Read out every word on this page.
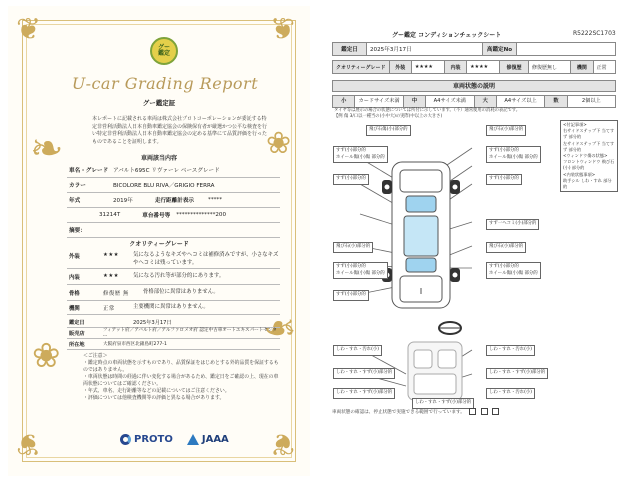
❦	❦
❦	❦
❧
❧
❀
❀
グー
鑑定
U-car Grading Report
グー鑑定証
本レポートに記載される車両は株式会社プロトコーポレーションが委託する特定非営利活動法人日本自動車鑑定協会の保険保有者が厳選かつ公平な検査を行い特定非営利活動法人日本自動車鑑定協会の定める基準にて品質評価を行ったものであることを証明します。
車両該当内容
車名・グレード アバルト695C リヴァーレ ベースグレード
カラー	BICOLORE BLU RIVA／GRIGIO FERRA
年式	2019年	走行距離計表示	*****
31214T	車台番号等 **************200
摘要：
クオリティーグレード
外装	★★★	気になるようなキズやヘコミは補修済みですが、小さなキズやヘコミは残っています。
内装	★★★	気になる汚れ等が部分的にあります。
骨格	修復歴 無	骨格部位に異常はありません。
機関	正常	主要機関に異常はありません。
鑑定日	2025年3月17日
販売店	フィアット府／アバルト府／アルファロメオ府 認定中古車オートエキスパートセンター
所在地	大阪府泉市西区北錦島町277-1
＜ご注意＞
・鑑定時点の車両状態を示すものであり、品質保証をはじめとする外的品質を保証するものではありません。
・車両状態は時間の経過に伴い変化する場合があるため、鑑定日をご確認の上、現在の車両状態についてはご確認ください。
・年式、車名、走行距離等などの記載についてはご注意ください。
・評価については他検査機関等の評価と異なる場合があります。
PROTO	JAAA
グー鑑定 コンディションチェックシート	R5222SC1703
鑑定日	2025年3月17日	高鑑定No	
クオリティーグレード	外装	★★★★	内装	★★★★	修復歴	修復歴無し	機関	正常
車両状態の説明
小	カードサイズ未満	中	A4サイズ未満	大	A4サイズ以上	数	2個以上
タイヤ等は展示の場合の状態については所付に示しています。（不）通常使用の消耗の表記です。
【例 傷 3/口以一種当の(小中大)の実際(中以上の大きさ)
飛び石傷(小)部分的
すず(小)部分的
ホイール傷(小)傷 部分的
すず(小)部分的
飛び石(小)部分的
すず(小)部分的
ホイール傷(小)傷 部分的
すず(小)部分的
すず一ヘコミ(小)部分的
飛び石(小)部分的
飛び石(小)部分的
すず(小)部分的
ホイール傷(小)傷 部分的
すず(小)部分的
ホイール傷(小)傷 部分的
すず(小)部分的
しわ・すれ・汚れ(小)	しわ・すれ・汚れ(小)
しわ・すれ・すず(小)部分的	しわ・すれ・すず(小)部分的
しわ・すれ・すず(小)部分的	しわ・すれ・汚れ(小)
しわ・すれ・すず(小)部分的
<付記事項>
右サイドステップ下 当てすず 部分的
左サイドステップ下 当てすず 部分的
<ウィンドウ傷の状態>
フロントウィンドウ 飛び石(小) 部分的
<内装状態事項>
助手シル しわ・すれ 部分的
車両状態の確認は、停止状態で実施できる範囲で行っています。
